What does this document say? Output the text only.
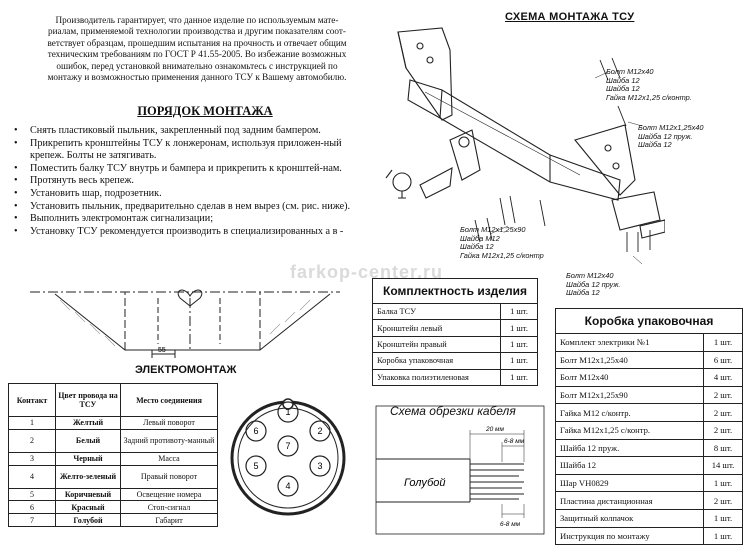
Производитель гарантирует, что данное изделие по используемым мате-
риалам, применяемой технологии производства и другим показателям соот-
ветствует образцам, прошедшим испытания на прочность и отвечает общим
техническим требованиям по ГОСТ Р 41.55-2005. Во избежание возможных
ошибок, перед установкой внимательно ознакомьтесь с инструкцией по
монтажу и возможностью применения данного ТСУ к Вашему автомобилю.
ПОРЯДОК МОНТАЖА
• Снять пластиковый пыльник, закрепленный под задним бампером.
• Прикрепить кронштейны ТСУ к лонжеронам, используя приложен-ный крепеж. Болты не затягивать.
• Поместить балку ТСУ внутрь и бампера и прикрепить к кронштей-нам.
• Протянуть весь крепеж.
• Установить шар, подрозетник.
• Установить пыльник, предварительно сделав в нем вырез (см. рис. ниже).
• Выполнить электромонтаж сигнализации;
• Установку ТСУ рекомендуется производить в специализированных а в -
55
СХЕМА МОНТАЖА ТСУ
Болт М12х40
Шайба 12
Шайба 12
Гайка М12х1,25 с/контр.
Болт М12х1,25х40
Шайба 12 пруж.
Шайба 12
Болт М12х1,25х90
Шайба М12
Шайба 12
Гайка М12х1,25 с/контр
Болт М12х40
Шайба 12 пруж.
Шайба 12
farkop-center.ru
ЭЛЕКТРОМОНТАЖ
Контакт	Цвет провода на ТСУ	Место соединения
1	Желтый	Левый поворот
2	Белый	Задний противоту-манный
3	Черный	Масса
4	Желто-зеленый	Правый поворот
5	Коричневый	Освещение номера
6	Красный	Стоп-сигнал
7	Голубой	Габарит
1
2
3
4
5
6
7
Комплектность изделия	
Балка ТСУ	1 шт.
Кронштейн левый	1 шт.
Кронштейн правый	1 шт.
Коробка упаковочная	1 шт.
Упаковка полиэтиленовая	1 шт.
Коробка упаковочная	
Комплект электрики №1	1 шт.
Болт М12х1,25х40	6 шт.
Болт М12х40	4 шт.
Болт М12х1,25х90	2 шт.
Гайка М12 с/контр.	2 шт.
Гайка М12х1,25 с/контр.	2 шт.
Шайба 12 пруж.	8 шт.
Шайба 12	14 шт.
Шар VH0829	1 шт.
Пластина дистанционная	2 шт.
Защитный колпачок	1 шт.
Инструкция по монтажу	1 шт.
Схема обрезки кабеля
20 мм
6-8 мм
6-8 мм
Голубой
